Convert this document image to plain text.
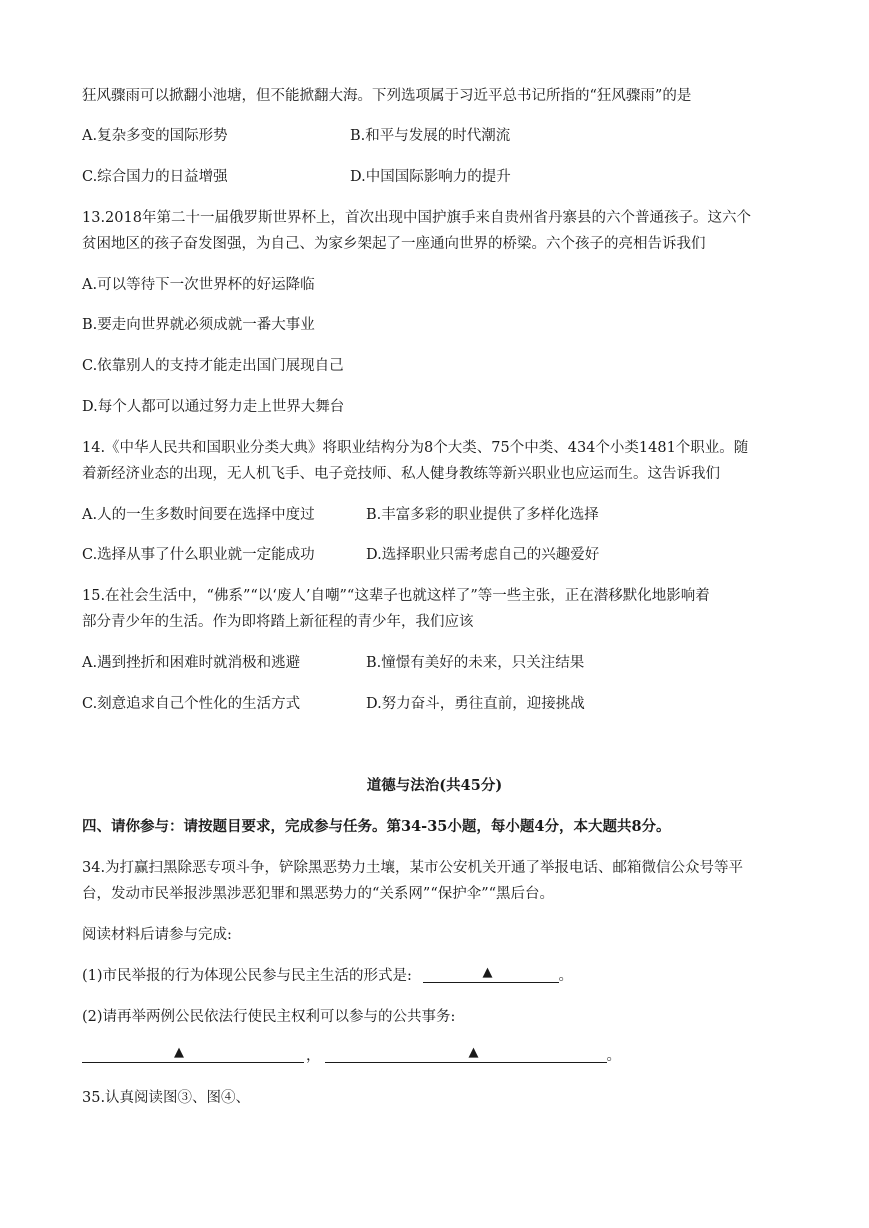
狂风骤雨可以掀翻小池塘，但不能掀翻大海。下列选项属于习近平总书记所指的“狂风骤雨”的是
A.复杂多变的国际形势	B.和平与发展的时代潮流
C.综合国力的日益增强	D.中国国际影响力的提升
13.2018年第二十一届俄罗斯世界杯上，首次出现中国护旗手来自贵州省丹寨县的六个普通孩子。这六个
贫困地区的孩子奋发图强，为自己、为家乡架起了一座通向世界的桥梁。六个孩子的亮相告诉我们
A.可以等待下一次世界杯的好运降临
B.要走向世界就必须成就一番大事业
C.依靠别人的支持才能走出国门展现自己
D.每个人都可以通过努力走上世界大舞台
14.《中华人民共和国职业分类大典》将职业结构分为8个大类、75个中类、434个小类1481个职业。随
着新经济业态的出现，无人机飞手、电子竞技师、私人健身教练等新兴职业也应运而生。这告诉我们
A.人的一生多数时间要在选择中度过	B.丰富多彩的职业提供了多样化选择
C.选择从事了什么职业就一定能成功	D.选择职业只需考虑自己的兴趣爱好
15.在社会生活中，“佛系”“以‘废人’自嘲”“这辈子也就这样了”等一些主张，正在潜移默化地影响着
部分青少年的生活。作为即将踏上新征程的青少年，我们应该
A.遇到挫折和困难时就消极和逃避	B.憧憬有美好的未来，只关注结果
C.刻意追求自己个性化的生活方式	D.努力奋斗，勇往直前，迎接挑战
道德与法治(共45分)
四、请你参与：请按题目要求，完成参与任务。第34-35小题，每小题4分，本大题共8分。
34.为打赢扫黑除恶专项斗争，铲除黑恶势力土壤，某市公安机关开通了举报电话、邮箱微信公众号等平
台，发动市民举报涉黑涉恶犯罪和黑恶势力的“关系网”“保护伞”“黑后台。
阅读材料后请参与完成:
(1)市民举报的行为体现公民参与民主生活的形式是:	▲	。
(2)请再举两例公民依法行使民主权利可以参与的公共事务:
▲	，	▲	。
35.认真阅读图③、图④、
